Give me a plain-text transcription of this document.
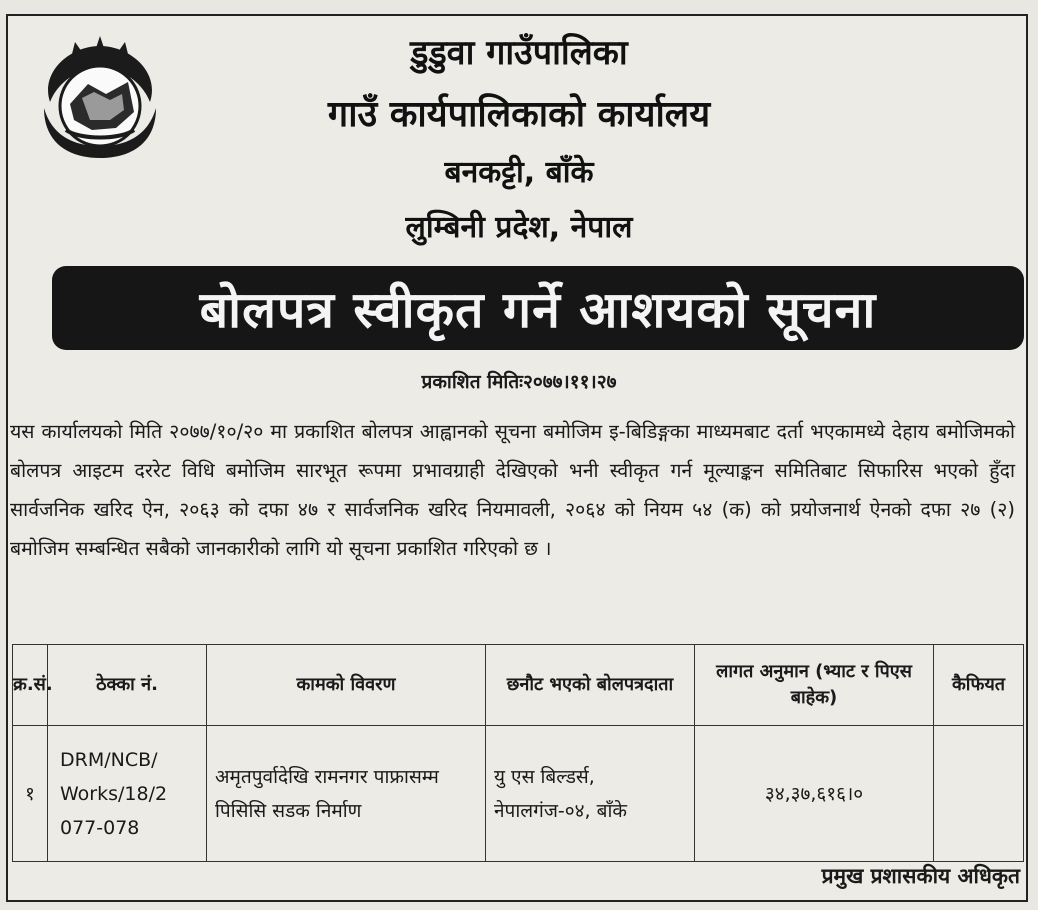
डुडुवा गाउँपालिका
गाउँ कार्यपालिकाको कार्यालय
बनकट्टी, बाँके
लुम्बिनी प्रदेश, नेपाल
बोलपत्र स्वीकृत गर्ने आशयको सूचना
प्रकाशित मितिः२०७७।११।२७
यस कार्यालयको मिति २०७७/१०/२० मा प्रकाशित बोलपत्र आह्वानको सूचना बमोजिम इ-बिडिङ्गका माध्यमबाट दर्ता भएकामध्ये देहाय बमोजिमको बोलपत्र आइटम दररेट विधि बमोजिम सारभूत रूपमा प्रभावग्राही देखिएको भनी स्वीकृत गर्न मूल्याङ्कन समितिबाट सिफारिस भएको हुँदा सार्वजनिक खरिद ऐन, २०६३ को दफा ४७ र सार्वजनिक खरिद नियमावली, २०६४ को नियम ५४ (क) को प्रयोजनार्थ ऐनको दफा २७ (२) बमोजिम सम्बन्धित सबैको जानकारीको लागि यो सूचना प्रकाशित गरिएको छ ।
क्र.सं.	ठेक्का नं.	कामको विवरण	छनौट भएको बोलपत्रदाता	लागत अनुमान (भ्याट र पिएस बाहेक)	कैफियत
१	DRM/NCB/ Works/18/2 077-078	अमृतपुर्वादेखि रामनगर पाफ्रासम्म पिसिसि सडक निर्माण	यु एस बिल्डर्स, नेपालगंज-०४, बाँके	३४,३७,६१६।०	
प्रमुख प्रशासकीय अधिकृत
